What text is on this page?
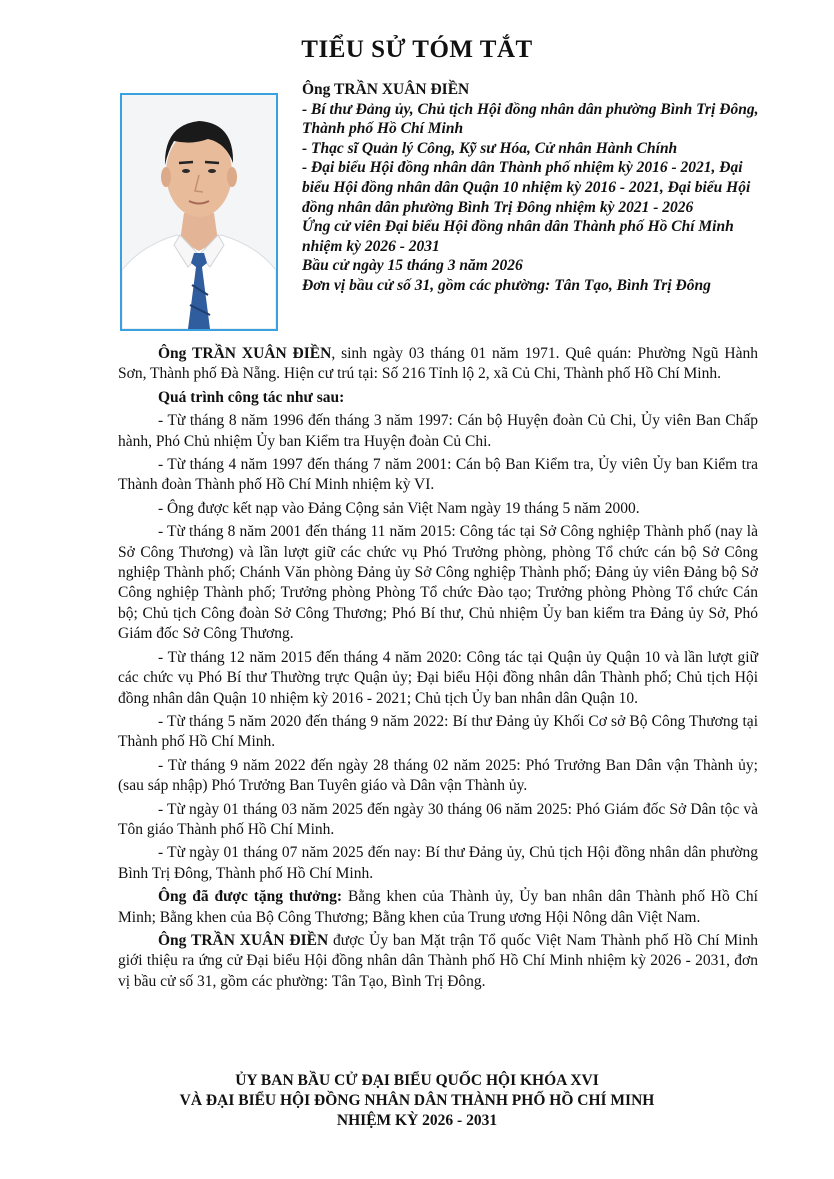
TIỂU SỬ TÓM TẮT
Ông TRẦN XUÂN ĐIỀN
- Bí thư Đảng ủy, Chủ tịch Hội đồng nhân dân phường Bình Trị Đông, Thành phố Hồ Chí Minh
- Thạc sĩ Quản lý Công, Kỹ sư Hóa, Cử nhân Hành Chính
- Đại biểu Hội đồng nhân dân Thành phố nhiệm kỳ 2016 - 2021, Đại biểu Hội đồng nhân dân Quận 10 nhiệm kỳ 2016 - 2021, Đại biểu Hội đồng nhân dân phường Bình Trị Đông nhiệm kỳ 2021 - 2026
Ứng cử viên Đại biểu Hội đồng nhân dân Thành phố Hồ Chí Minh nhiệm kỳ 2026 - 2031
Bầu cử ngày 15 tháng 3 năm 2026
Đơn vị bầu cử số 31, gồm các phường: Tân Tạo, Bình Trị Đông

Ông TRẦN XUÂN ĐIỀN, sinh ngày 03 tháng 01 năm 1971. Quê quán: Phường Ngũ Hành Sơn, Thành phố Đà Nẵng. Hiện cư trú tại: Số 216 Tỉnh lộ 2, xã Củ Chi, Thành phố Hồ Chí Minh.

Quá trình công tác như sau:

- Từ tháng 8 năm 1996 đến tháng 3 năm 1997: Cán bộ Huyện đoàn Củ Chi, Ủy viên Ban Chấp hành, Phó Chủ nhiệm Ủy ban Kiểm tra Huyện đoàn Củ Chi.

- Từ tháng 4 năm 1997 đến tháng 7 năm 2001: Cán bộ Ban Kiểm tra, Ủy viên Ủy ban Kiểm tra Thành đoàn Thành phố Hồ Chí Minh nhiệm kỳ VI.

- Ông được kết nạp vào Đảng Cộng sản Việt Nam ngày 19 tháng 5 năm 2000.

- Từ tháng 8 năm 2001 đến tháng 11 năm 2015: Công tác tại Sở Công nghiệp Thành phố (nay là Sở Công Thương) và lần lượt giữ các chức vụ Phó Trưởng phòng, phòng Tổ chức cán bộ Sở Công nghiệp Thành phố; Chánh Văn phòng Đảng ủy Sở Công nghiệp Thành phố; Đảng ủy viên Đảng bộ Sở Công nghiệp Thành phố; Trưởng phòng Phòng Tổ chức Đào tạo; Trưởng phòng Phòng Tổ chức Cán bộ; Chủ tịch Công đoàn Sở Công Thương; Phó Bí thư, Chủ nhiệm Ủy ban kiểm tra Đảng ủy Sở, Phó Giám đốc Sở Công Thương.

- Từ tháng 12 năm 2015 đến tháng 4 năm 2020: Công tác tại Quận ủy Quận 10 và lần lượt giữ các chức vụ Phó Bí thư Thường trực Quận ủy; Đại biểu Hội đồng nhân dân Thành phố; Chủ tịch Hội đồng nhân dân Quận 10 nhiệm kỳ 2016 - 2021; Chủ tịch Ủy ban nhân dân Quận 10.

- Từ tháng 5 năm 2020 đến tháng 9 năm 2022: Bí thư Đảng ủy Khối Cơ sở Bộ Công Thương tại Thành phố Hồ Chí Minh.

- Từ tháng 9 năm 2022 đến ngày 28 tháng 02 năm 2025: Phó Trưởng Ban Dân vận Thành ủy; (sau sáp nhập) Phó Trưởng Ban Tuyên giáo và Dân vận Thành ủy.

- Từ ngày 01 tháng 03 năm 2025 đến ngày 30 tháng 06 năm 2025: Phó Giám đốc Sở Dân tộc và Tôn giáo Thành phố Hồ Chí Minh.

- Từ ngày 01 tháng 07 năm 2025 đến nay: Bí thư Đảng ủy, Chủ tịch Hội đồng nhân dân phường Bình Trị Đông, Thành phố Hồ Chí Minh.

Ông đã được tặng thưởng: Bằng khen của Thành ủy, Ủy ban nhân dân Thành phố Hồ Chí Minh; Bằng khen của Bộ Công Thương; Bằng khen của Trung ương Hội Nông dân Việt Nam.

Ông TRẦN XUÂN ĐIỀN được Ủy ban Mặt trận Tổ quốc Việt Nam Thành phố Hồ Chí Minh giới thiệu ra ứng cử Đại biểu Hội đồng nhân dân Thành phố Hồ Chí Minh nhiệm kỳ 2026 - 2031, đơn vị bầu cử số 31, gồm các phường: Tân Tạo, Bình Trị Đông.

ỦY BAN BẦU CỬ ĐẠI BIỂU QUỐC HỘI KHÓA XVI
VÀ ĐẠI BIỂU HỘI ĐỒNG NHÂN DÂN THÀNH PHỐ HỒ CHÍ MINH
NHIỆM KỲ 2026 - 2031
